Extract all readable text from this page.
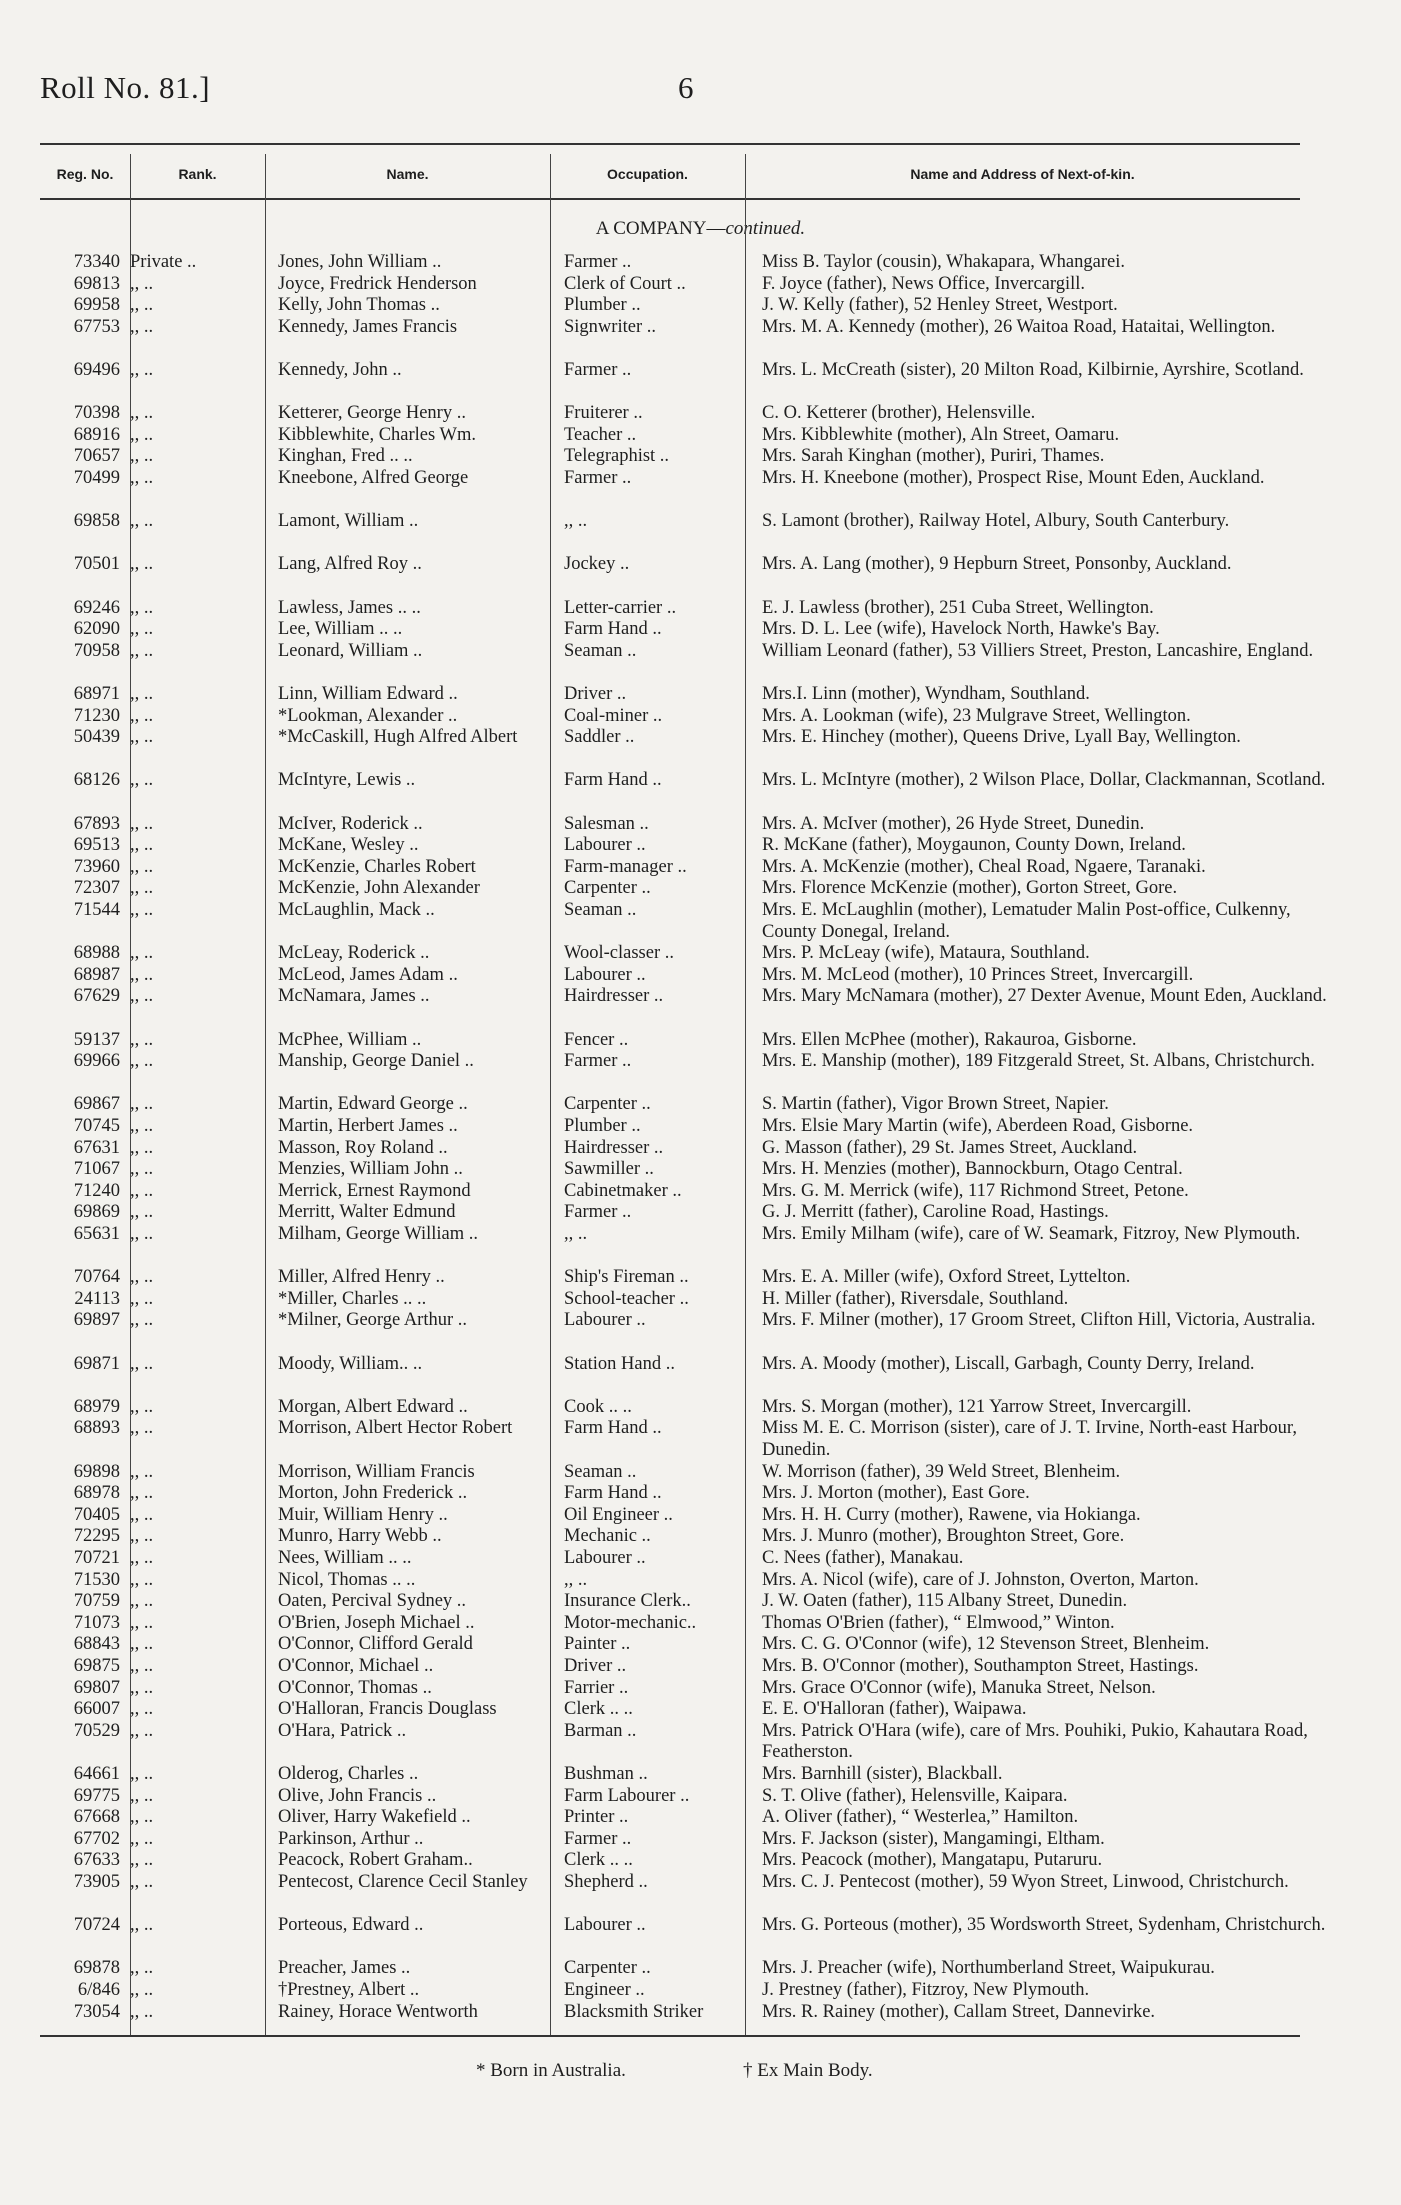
Roll No. 81.]	6
Reg. No.	Rank.	Name.	Occupation.	Name and Address of Next-of-kin.
A COMPANY—continued.
73340 Private ..	Jones, John William ..	Farmer ..	Miss B. Taylor (cousin), Whakapara, Whangarei.
69813 ,, ..	Joyce, Fredrick Henderson	Clerk of Court ..	F. Joyce (father), News Office, Invercargill.
69958 ,, ..	Kelly, John Thomas ..	Plumber ..	J. W. Kelly (father), 52 Henley Street, Westport.
67753 ,, ..	Kennedy, James Francis	Signwriter ..	Mrs. M. A. Kennedy (mother), 26 Waitoa Road, Hataitai, Wellington.
69496 ,, ..	Kennedy, John ..	Farmer ..	Mrs. L. McCreath (sister), 20 Milton Road, Kilbirnie, Ayrshire, Scotland.
70398 ,, ..	Ketterer, George Henry ..	Fruiterer ..	C. O. Ketterer (brother), Helensville.
68916 ,, ..	Kibblewhite, Charles Wm.	Teacher ..	Mrs. Kibblewhite (mother), Aln Street, Oamaru.
70657 ,, ..	Kinghan, Fred .. ..	Telegraphist ..	Mrs. Sarah Kinghan (mother), Puriri, Thames.
70499 ,, ..	Kneebone, Alfred George	Farmer ..	Mrs. H. Kneebone (mother), Prospect Rise, Mount Eden, Auckland.
69858 ,, ..	Lamont, William ..	,, ..	S. Lamont (brother), Railway Hotel, Albury, South Canterbury.
70501 ,, ..	Lang, Alfred Roy ..	Jockey ..	Mrs. A. Lang (mother), 9 Hepburn Street, Ponsonby, Auckland.
69246 ,, ..	Lawless, James .. ..	Letter-carrier ..	E. J. Lawless (brother), 251 Cuba Street, Wellington.
62090 ,, ..	Lee, William .. ..	Farm Hand ..	Mrs. D. L. Lee (wife), Havelock North, Hawke's Bay.
70958 ,, ..	Leonard, William ..	Seaman ..	William Leonard (father), 53 Villiers Street, Preston, Lancashire, England.
68971 ,, ..	Linn, William Edward ..	Driver ..	Mrs.I. Linn (mother), Wyndham, Southland.
71230 ,, ..	*Lookman, Alexander ..	Coal-miner ..	Mrs. A. Lookman (wife), 23 Mulgrave Street, Wellington.
50439 ,, ..	*McCaskill, Hugh Alfred Albert	Saddler ..	Mrs. E. Hinchey (mother), Queens Drive, Lyall Bay, Wellington.
68126 ,, ..	McIntyre, Lewis ..	Farm Hand ..	Mrs. L. McIntyre (mother), 2 Wilson Place, Dollar, Clackmannan, Scotland.
67893 ,, ..	McIver, Roderick ..	Salesman ..	Mrs. A. McIver (mother), 26 Hyde Street, Dunedin.
69513 ,, ..	McKane, Wesley ..	Labourer ..	R. McKane (father), Moygaunon, County Down, Ireland.
73960 ,, ..	McKenzie, Charles Robert	Farm-manager ..	Mrs. A. McKenzie (mother), Cheal Road, Ngaere, Taranaki.
72307 ,, ..	McKenzie, John Alexander	Carpenter ..	Mrs. Florence McKenzie (mother), Gorton Street, Gore.
71544 ,, ..	McLaughlin, Mack ..	Seaman ..	Mrs. E. McLaughlin (mother), Lematuder Malin Post-office, Culkenny, County Donegal, Ireland.
68988 ,, ..	McLeay, Roderick ..	Wool-classer ..	Mrs. P. McLeay (wife), Mataura, Southland.
68987 ,, ..	McLeod, James Adam ..	Labourer ..	Mrs. M. McLeod (mother), 10 Princes Street, Invercargill.
67629 ,, ..	McNamara, James ..	Hairdresser ..	Mrs. Mary McNamara (mother), 27 Dexter Avenue, Mount Eden, Auckland.
59137 ,, ..	McPhee, William ..	Fencer ..	Mrs. Ellen McPhee (mother), Rakauroa, Gisborne.
69966 ,, ..	Manship, George Daniel ..	Farmer ..	Mrs. E. Manship (mother), 189 Fitzgerald Street, St. Albans, Christchurch.
69867 ,, ..	Martin, Edward George ..	Carpenter ..	S. Martin (father), Vigor Brown Street, Napier.
70745 ,, ..	Martin, Herbert James ..	Plumber ..	Mrs. Elsie Mary Martin (wife), Aberdeen Road, Gisborne.
67631 ,, ..	Masson, Roy Roland ..	Hairdresser ..	G. Masson (father), 29 St. James Street, Auckland.
71067 ,, ..	Menzies, William John ..	Sawmiller ..	Mrs. H. Menzies (mother), Bannockburn, Otago Central.
71240 ,, ..	Merrick, Ernest Raymond	Cabinetmaker ..	Mrs. G. M. Merrick (wife), 117 Richmond Street, Petone.
69869 ,, ..	Merritt, Walter Edmund	Farmer ..	G. J. Merritt (father), Caroline Road, Hastings.
65631 ,, ..	Milham, George William ..	,, ..	Mrs. Emily Milham (wife), care of W. Seamark, Fitzroy, New Plymouth.
70764 ,, ..	Miller, Alfred Henry ..	Ship's Fireman ..	Mrs. E. A. Miller (wife), Oxford Street, Lyttelton.
24113 ,, ..	*Miller, Charles .. ..	School-teacher ..	H. Miller (father), Riversdale, Southland.
69897 ,, ..	*Milner, George Arthur ..	Labourer ..	Mrs. F. Milner (mother), 17 Groom Street, Clifton Hill, Victoria, Australia.
69871 ,, ..	Moody, William.. ..	Station Hand ..	Mrs. A. Moody (mother), Liscall, Garbagh, County Derry, Ireland.
68979 ,, ..	Morgan, Albert Edward ..	Cook .. ..	Mrs. S. Morgan (mother), 121 Yarrow Street, Invercargill.
68893 ,, ..	Morrison, Albert Hector Robert	Farm Hand ..	Miss M. E. C. Morrison (sister), care of J. T. Irvine, North-east Harbour, Dunedin.
69898 ,, ..	Morrison, William Francis	Seaman ..	W. Morrison (father), 39 Weld Street, Blenheim.
68978 ,, ..	Morton, John Frederick ..	Farm Hand ..	Mrs. J. Morton (mother), East Gore.
70405 ,, ..	Muir, William Henry ..	Oil Engineer ..	Mrs. H. H. Curry (mother), Rawene, via Hokianga.
72295 ,, ..	Munro, Harry Webb ..	Mechanic ..	Mrs. J. Munro (mother), Broughton Street, Gore.
70721 ,, ..	Nees, William .. ..	Labourer ..	C. Nees (father), Manakau.
71530 ,, ..	Nicol, Thomas .. ..	,, ..	Mrs. A. Nicol (wife), care of J. Johnston, Overton, Marton.
70759 ,, ..	Oaten, Percival Sydney ..	Insurance Clerk..	J. W. Oaten (father), 115 Albany Street, Dunedin.
71073 ,, ..	O'Brien, Joseph Michael ..	Motor-mechanic..	Thomas O'Brien (father), “ Elmwood,” Winton.
68843 ,, ..	O'Connor, Clifford Gerald	Painter ..	Mrs. C. G. O'Connor (wife), 12 Stevenson Street, Blenheim.
69875 ,, ..	O'Connor, Michael ..	Driver ..	Mrs. B. O'Connor (mother), Southampton Street, Hastings.
69807 ,, ..	O'Connor, Thomas ..	Farrier ..	Mrs. Grace O'Connor (wife), Manuka Street, Nelson.
66007 ,, ..	O'Halloran, Francis Douglass	Clerk .. ..	E. E. O'Halloran (father), Waipawa.
70529 ,, ..	O'Hara, Patrick ..	Barman ..	Mrs. Patrick O'Hara (wife), care of Mrs. Pouhiki, Pukio, Kahautara Road, Featherston.
64661 ,, ..	Olderog, Charles ..	Bushman ..	Mrs. Barnhill (sister), Blackball.
69775 ,, ..	Olive, John Francis ..	Farm Labourer ..	S. T. Olive (father), Helensville, Kaipara.
67668 ,, ..	Oliver, Harry Wakefield ..	Printer ..	A. Oliver (father), “ Westerlea,” Hamilton.
67702 ,, ..	Parkinson, Arthur ..	Farmer ..	Mrs. F. Jackson (sister), Mangamingi, Eltham.
67633 ,, ..	Peacock, Robert Graham..	Clerk .. ..	Mrs. Peacock (mother), Mangatapu, Putaruru.
73905 ,, ..	Pentecost, Clarence Cecil Stanley	Shepherd ..	Mrs. C. J. Pentecost (mother), 59 Wyon Street, Linwood, Christchurch.
70724 ,, ..	Porteous, Edward ..	Labourer ..	Mrs. G. Porteous (mother), 35 Wordsworth Street, Sydenham, Christchurch.
69878 ,, ..	Preacher, James ..	Carpenter ..	Mrs. J. Preacher (wife), Northumberland Street, Waipukurau.
6/846 ,, ..	†Prestney, Albert ..	Engineer ..	J. Prestney (father), Fitzroy, New Plymouth.
73054 ,, ..	Rainey, Horace Wentworth	Blacksmith Striker	Mrs. R. Rainey (mother), Callam Street, Dannevirke.
* Born in Australia.	† Ex Main Body.
